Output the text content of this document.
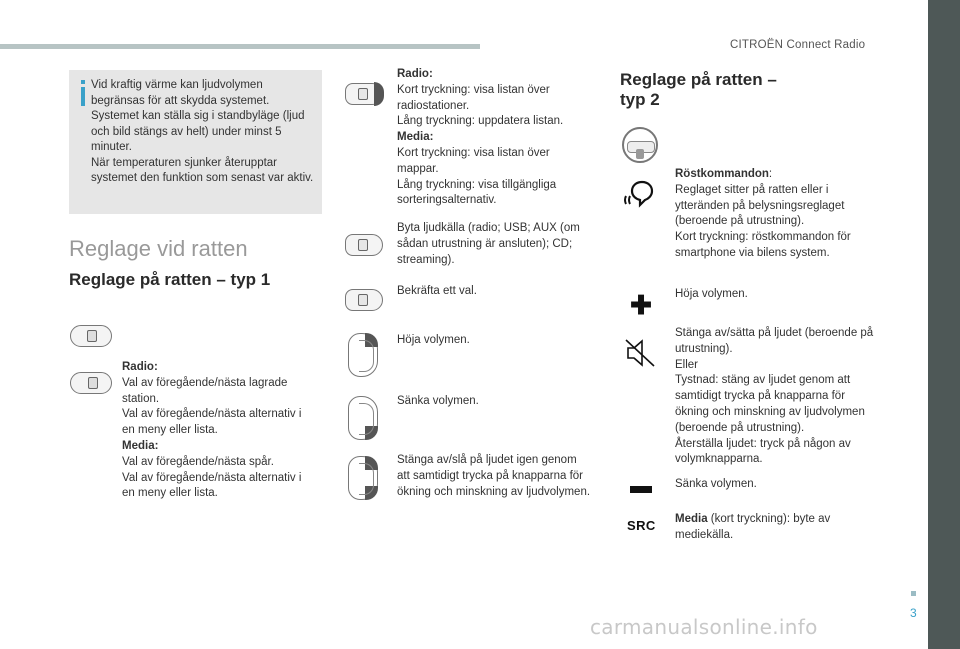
CITROËN Connect Radio
3
carmanualsonline.info
Vid kraftig värme kan ljudvolymen begränsas för att skydda systemet. Systemet kan ställa sig i standbyläge (ljud och bild stängs av helt) under minst 5 minuter.
När temperaturen sjunker återupptar systemet den funktion som senast var aktiv.
Reglage vid ratten
Reglage på ratten – typ 1
Radio:
Val av föregående/nästa lagrade station.
Val av föregående/nästa alternativ i en meny eller lista.
Media:
Val av föregående/nästa spår.
Val av föregående/nästa alternativ i en meny eller lista.
Radio:
Kort tryckning: visa listan över radiostationer.
Lång tryckning: uppdatera listan.
Media:
Kort tryckning: visa listan över mappar.
Lång tryckning: visa tillgängliga sorteringsalternativ.
Byta ljudkälla (radio; USB; AUX (om sådan utrustning är ansluten); CD; streaming).
Bekräfta ett val.
Höja volymen.
Sänka volymen.
Stänga av/slå på ljudet igen genom att samtidigt trycka på knapparna för ökning och minskning av ljudvolymen.
Reglage på ratten –
typ 2
Röstkommandon:
Reglaget sitter på ratten eller i ytteränden på belysningsreglaget (beroende på utrustning).
Kort tryckning: röstkommandon för smartphone via bilens system.
✚ Höja volymen.
Stänga av/sätta på ljudet (beroende på utrustning).
Eller
Tystnad: stäng av ljudet genom att samtidigt trycka på knapparna för ökning och minskning av ljudvolymen (beroende på utrustning).
Återställa ljudet: tryck på någon av volymknapparna.
Sänka volymen.
SRC Media (kort tryckning): byte av mediekälla.
